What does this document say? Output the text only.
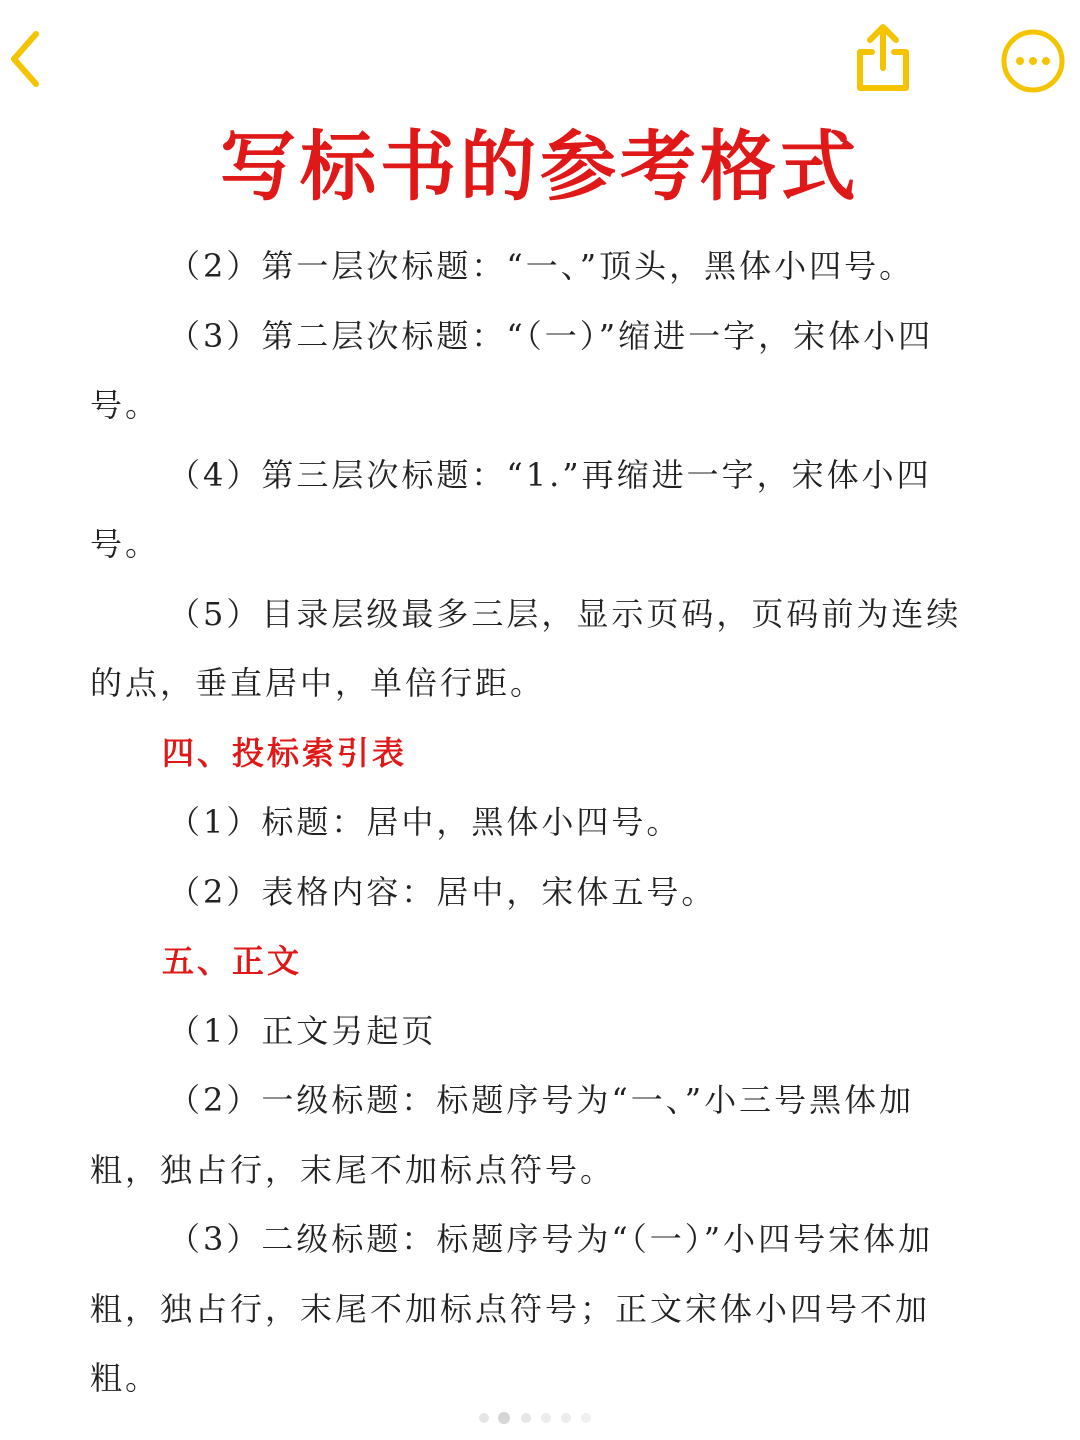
写标书的参考格式

（2）第一层次标题：“一、”顶头，黑体小四号。

（3）第二层次标题：“（一）”缩进一字，宋体小四号。

（4）第三层次标题：“1.”再缩进一字，宋体小四号。

（5）目录层级最多三层，显示页码，页码前为连续的点，垂直居中，单倍行距。

四、投标索引表

（1）标题：居中，黑体小四号。

（2）表格内容：居中，宋体五号。

五、正文

（1）正文另起页

（2）一级标题：标题序号为“一、”小三号黑体加粗，独占行，末尾不加标点符号。

（3）二级标题：标题序号为“（一）”小四号宋体加粗，独占行，末尾不加标点符号；正文宋体小四号不加粗。
